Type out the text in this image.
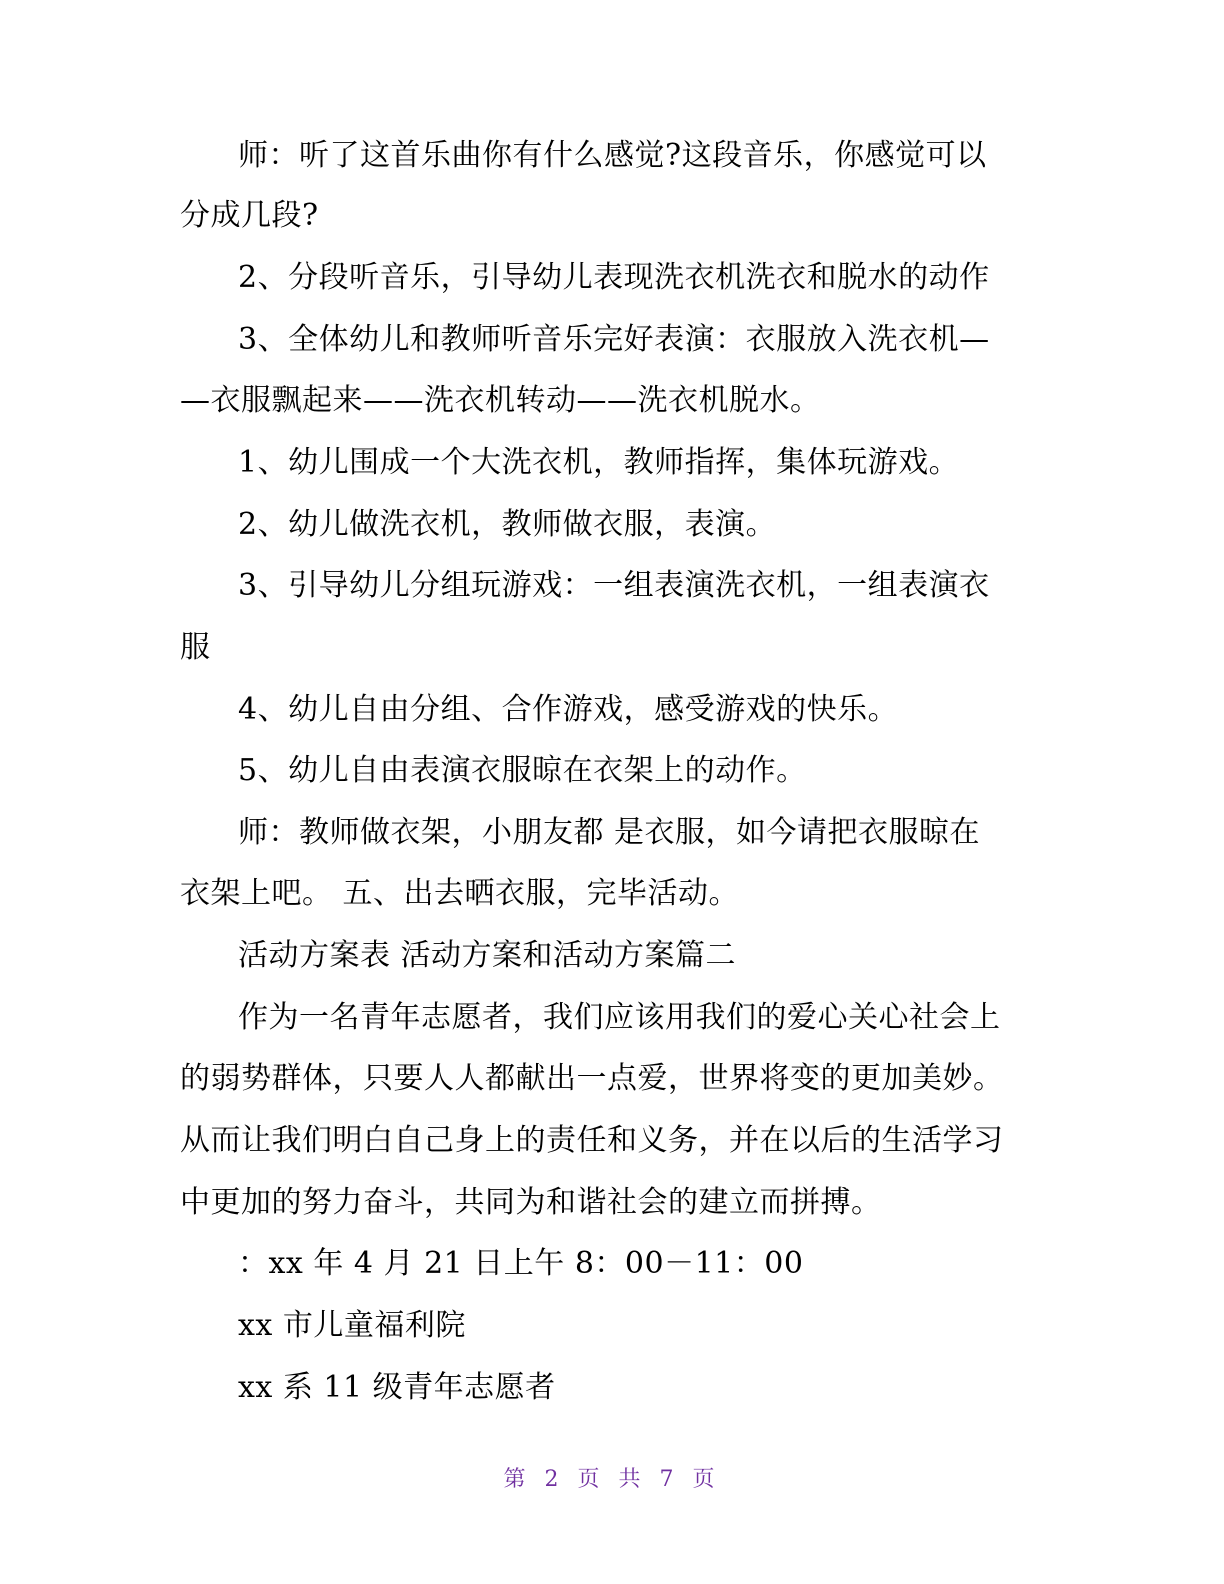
师：听了这首乐曲你有什么感觉?这段音乐，你感觉可以
分成几段?
2、分段听音乐，引导幼儿表现洗衣机洗衣和脱水的动作
3、全体幼儿和教师听音乐完好表演：衣服放入洗衣机—
—衣服飘起来——洗衣机转动——洗衣机脱水。
1、幼儿围成一个大洗衣机，教师指挥，集体玩游戏。
2、幼儿做洗衣机，教师做衣服，表演。
3、引导幼儿分组玩游戏：一组表演洗衣机，一组表演衣
服
4、幼儿自由分组、合作游戏，感受游戏的快乐。
5、幼儿自由表演衣服晾在衣架上的动作。
师：教师做衣架，小朋友都 是衣服，如今请把衣服晾在
衣架上吧。 五、出去晒衣服，完毕活动。
活动方案表 活动方案和活动方案篇二
作为一名青年志愿者，我们应该用我们的爱心关心社会上
的弱势群体，只要人人都献出一点爱，世界将变的更加美妙。
从而让我们明白自己身上的责任和义务，并在以后的生活学习
中更加的努力奋斗，共同为和谐社会的建立而拼搏。
：xx 年 4 月 21 日上午 8：00－11：00
xx 市儿童福利院
xx 系 11 级青年志愿者
第 2 页 共 7 页
